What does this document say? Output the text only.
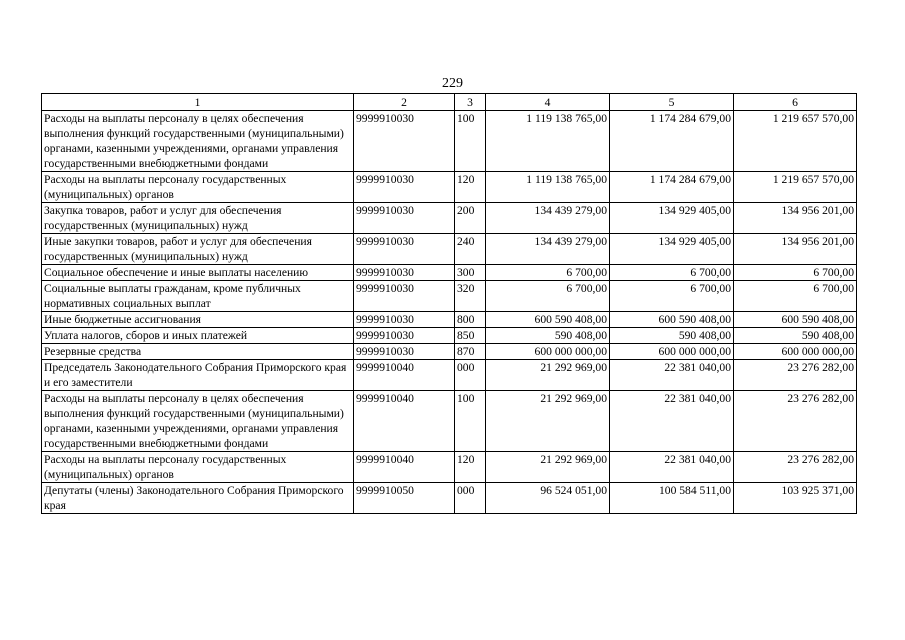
229
1	2	3	4	5	6
Расходы на выплаты персоналу в целях обеспечения выполнения функций государственными (муниципальными) органами, казенными учреждениями, органами управления государственными внебюджетными фондами	9999910030	100	1 119 138 765,00	1 174 284 679,00	1 219 657 570,00
Расходы на выплаты персоналу государственных (муниципальных) органов	9999910030	120	1 119 138 765,00	1 174 284 679,00	1 219 657 570,00
Закупка товаров, работ и услуг для обеспечения государственных (муниципальных) нужд	9999910030	200	134 439 279,00	134 929 405,00	134 956 201,00
Иные закупки товаров, работ и услуг для обеспечения государственных (муниципальных) нужд	9999910030	240	134 439 279,00	134 929 405,00	134 956 201,00
Социальное обеспечение и иные выплаты населению	9999910030	300	6 700,00	6 700,00	6 700,00
Социальные выплаты гражданам, кроме публичных нормативных социальных выплат	9999910030	320	6 700,00	6 700,00	6 700,00
Иные бюджетные ассигнования	9999910030	800	600 590 408,00	600 590 408,00	600 590 408,00
Уплата налогов, сборов и иных платежей	9999910030	850	590 408,00	590 408,00	590 408,00
Резервные средства	9999910030	870	600 000 000,00	600 000 000,00	600 000 000,00
Председатель Законодательного Собрания Приморского края и его заместители	9999910040	000	21 292 969,00	22 381 040,00	23 276 282,00
Расходы на выплаты персоналу в целях обеспечения выполнения функций государственными (муниципальными) органами, казенными учреждениями, органами управления государственными внебюджетными фондами	9999910040	100	21 292 969,00	22 381 040,00	23 276 282,00
Расходы на выплаты персоналу государственных (муниципальных) органов	9999910040	120	21 292 969,00	22 381 040,00	23 276 282,00
Депутаты (члены) Законодательного Собрания Приморского края	9999910050	000	96 524 051,00	100 584 511,00	103 925 371,00
